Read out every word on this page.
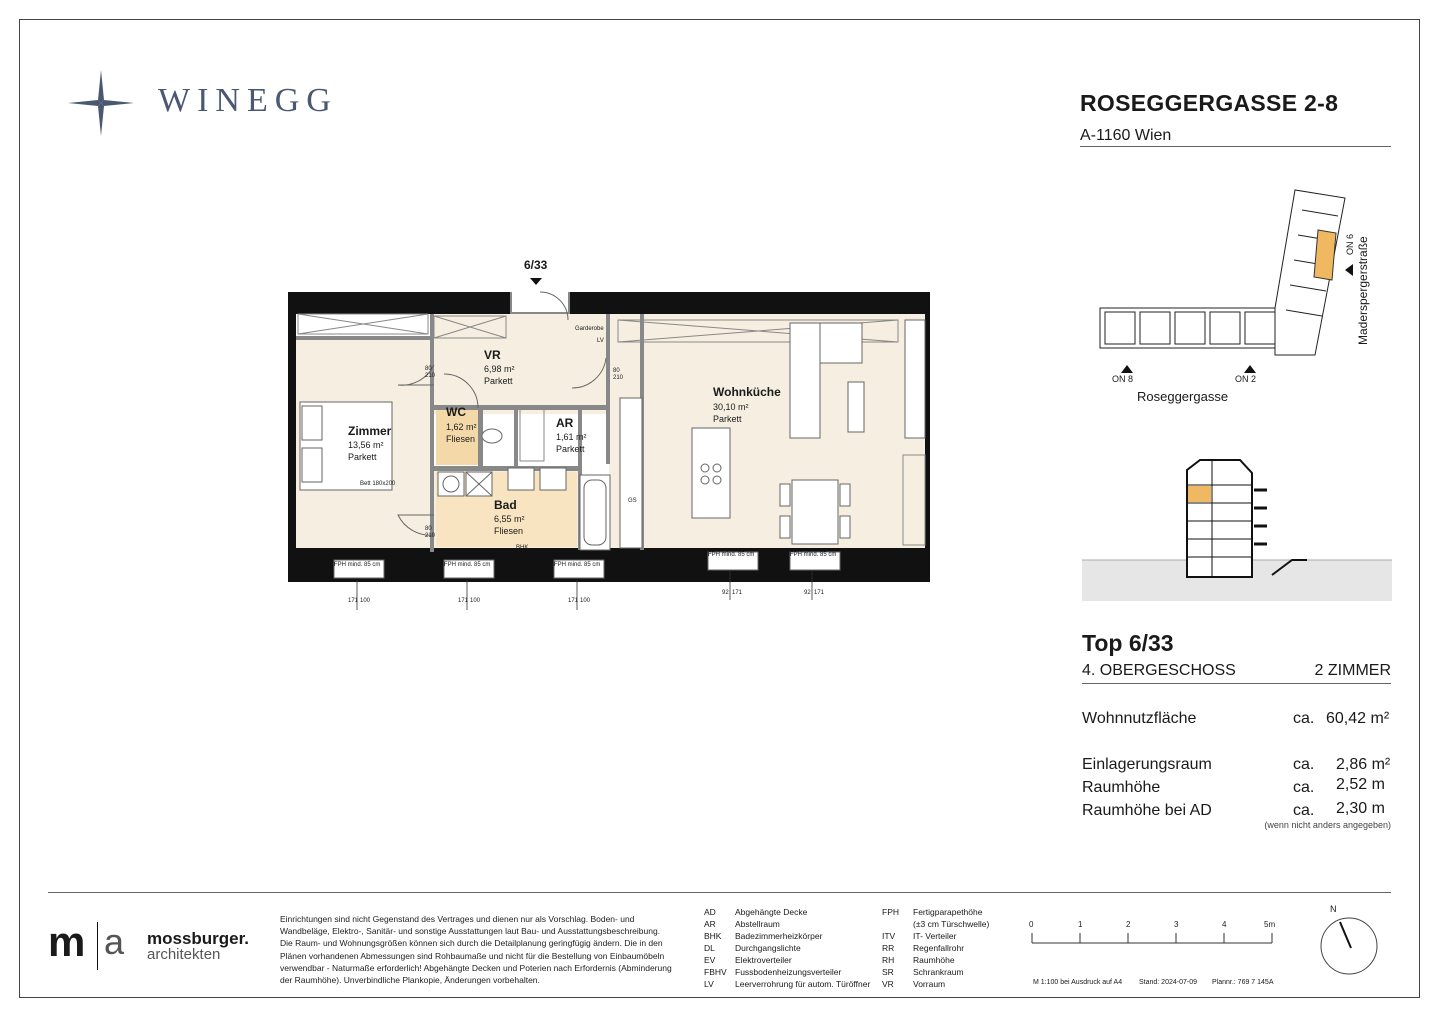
WINEGG	ROSEGGERGASSE 2-8
A-1160 Wien
ON 8	ON 2
ON 6
Roseggergasse
Maderspergerstraße
Top 6/33
4. OBERGESCHOSS	2 ZIMMER
Wohnnutzfläche	ca. 60,42 m²
Einlagerungsraum	ca. 2,86 m²
Raumhöhe	ca. 2,52 m
Raumhöhe bei AD	ca. 2,30 m
(wenn nicht anders angegeben)
6/33
Zimmer
13,56 m²
Parkett
VR
6,98 m²
Parkett
WC
1,62 m²
Fliesen
AR
1,61 m²
Parkett
Bad
6,55 m²
Fliesen
Wohnküche
30,10 m²
Parkett
Bett 180x200
Garderobe
LV
BHK
GS
80
210
80
210
80
210
FPH mind. 85 cm	FPH mind. 85 cm	FPH mind. 85 cm
FPH mind. 85 cm	FPH mind. 85 cm
171 100	171 100	171 100
92 171	92 171
m a mossburger.
architekten
Einrichtungen sind nicht Gegenstand des Vertrages und dienen nur als Vorschlag. Boden- und
Wandbeläge, Elektro-, Sanitär- und sonstige Ausstattungen laut Bau- und Ausstattungsbeschreibung.
Die Raum- und Wohnungsgrößen können sich durch die Detailplanung geringfügig ändern. Die in den
Plänen vorhandenen Abmessungen sind Rohbaumaße und nicht für die Bestellung von Einbaumöbeln
verwendbar - Naturmaße erforderlich! Abgehängte Decken und Poterien nach Erfordernis (Abminderung
der Raumhöhe). Unverbindliche Plankopie, Änderungen vorbehalten.
AD Abgehängte Decke
AR Abstellraum
BHK Badezimmerheizkörper
DL Durchgangslichte
EV Elektroverteiler
FBHV Fussbodenheizungsverteiler
LV Leerverrohrung für autom. Türöffner
FPH Fertigparapethöhe
(±3 cm Türschwelle)
ITV IT- Verteiler
RR Regenfallrohr
RH Raumhöhe
SR Schrankraum
VR Vorraum
0	1	2	3	4	5m
M 1:100 bei Ausdruck auf A4 Stand: 2024-07-09 Plannr.: 769 7 145A
N
